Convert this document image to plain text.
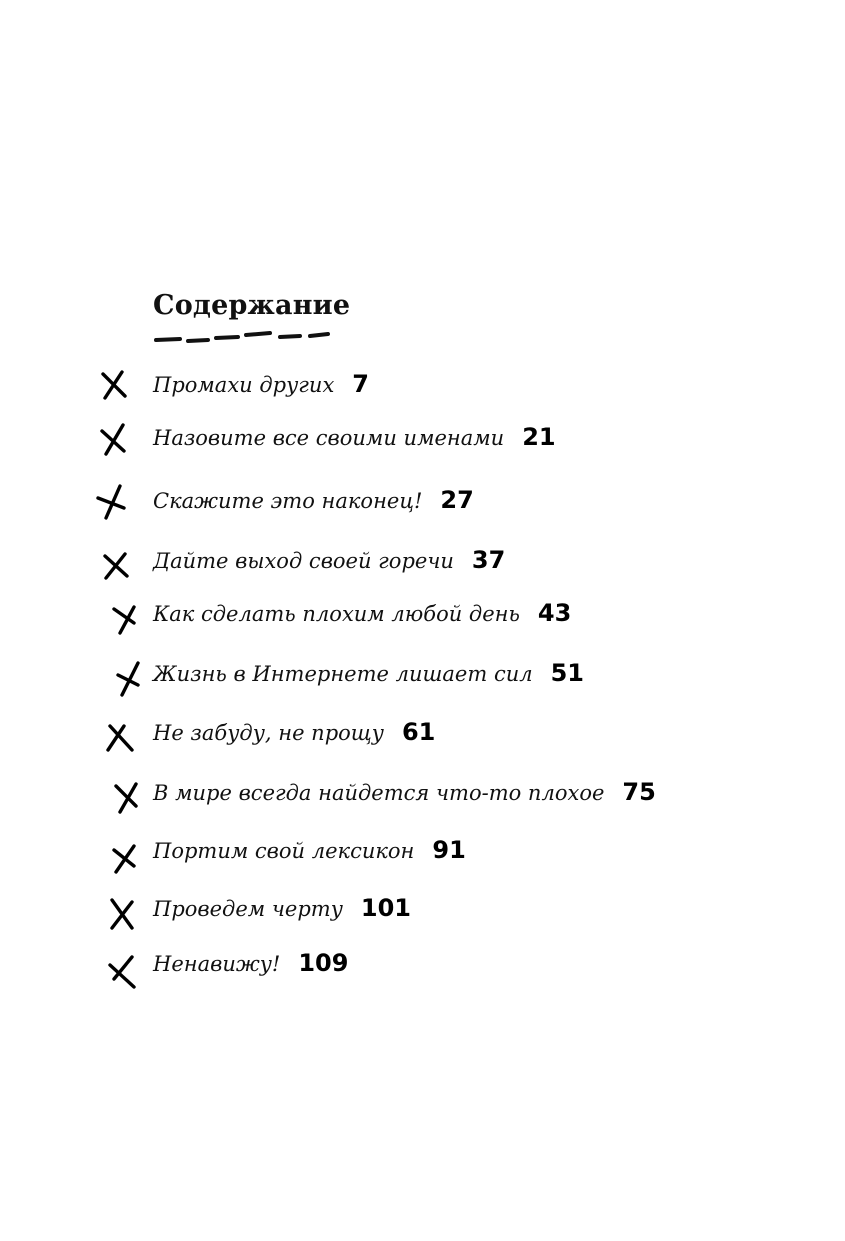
Содержание
Промахи других 7
Назовите все своими именами 21
Скажите это наконец! 27
Дайте выход своей горечи 37
Как сделать плохим любой день 43
Жизнь в Интернете лишает сил 51
Не забуду, не прощу 61
В мире всегда найдется что-то плохое 75
Портим свой лексикон 91
Проведем черту 101
Ненавижу! 109
